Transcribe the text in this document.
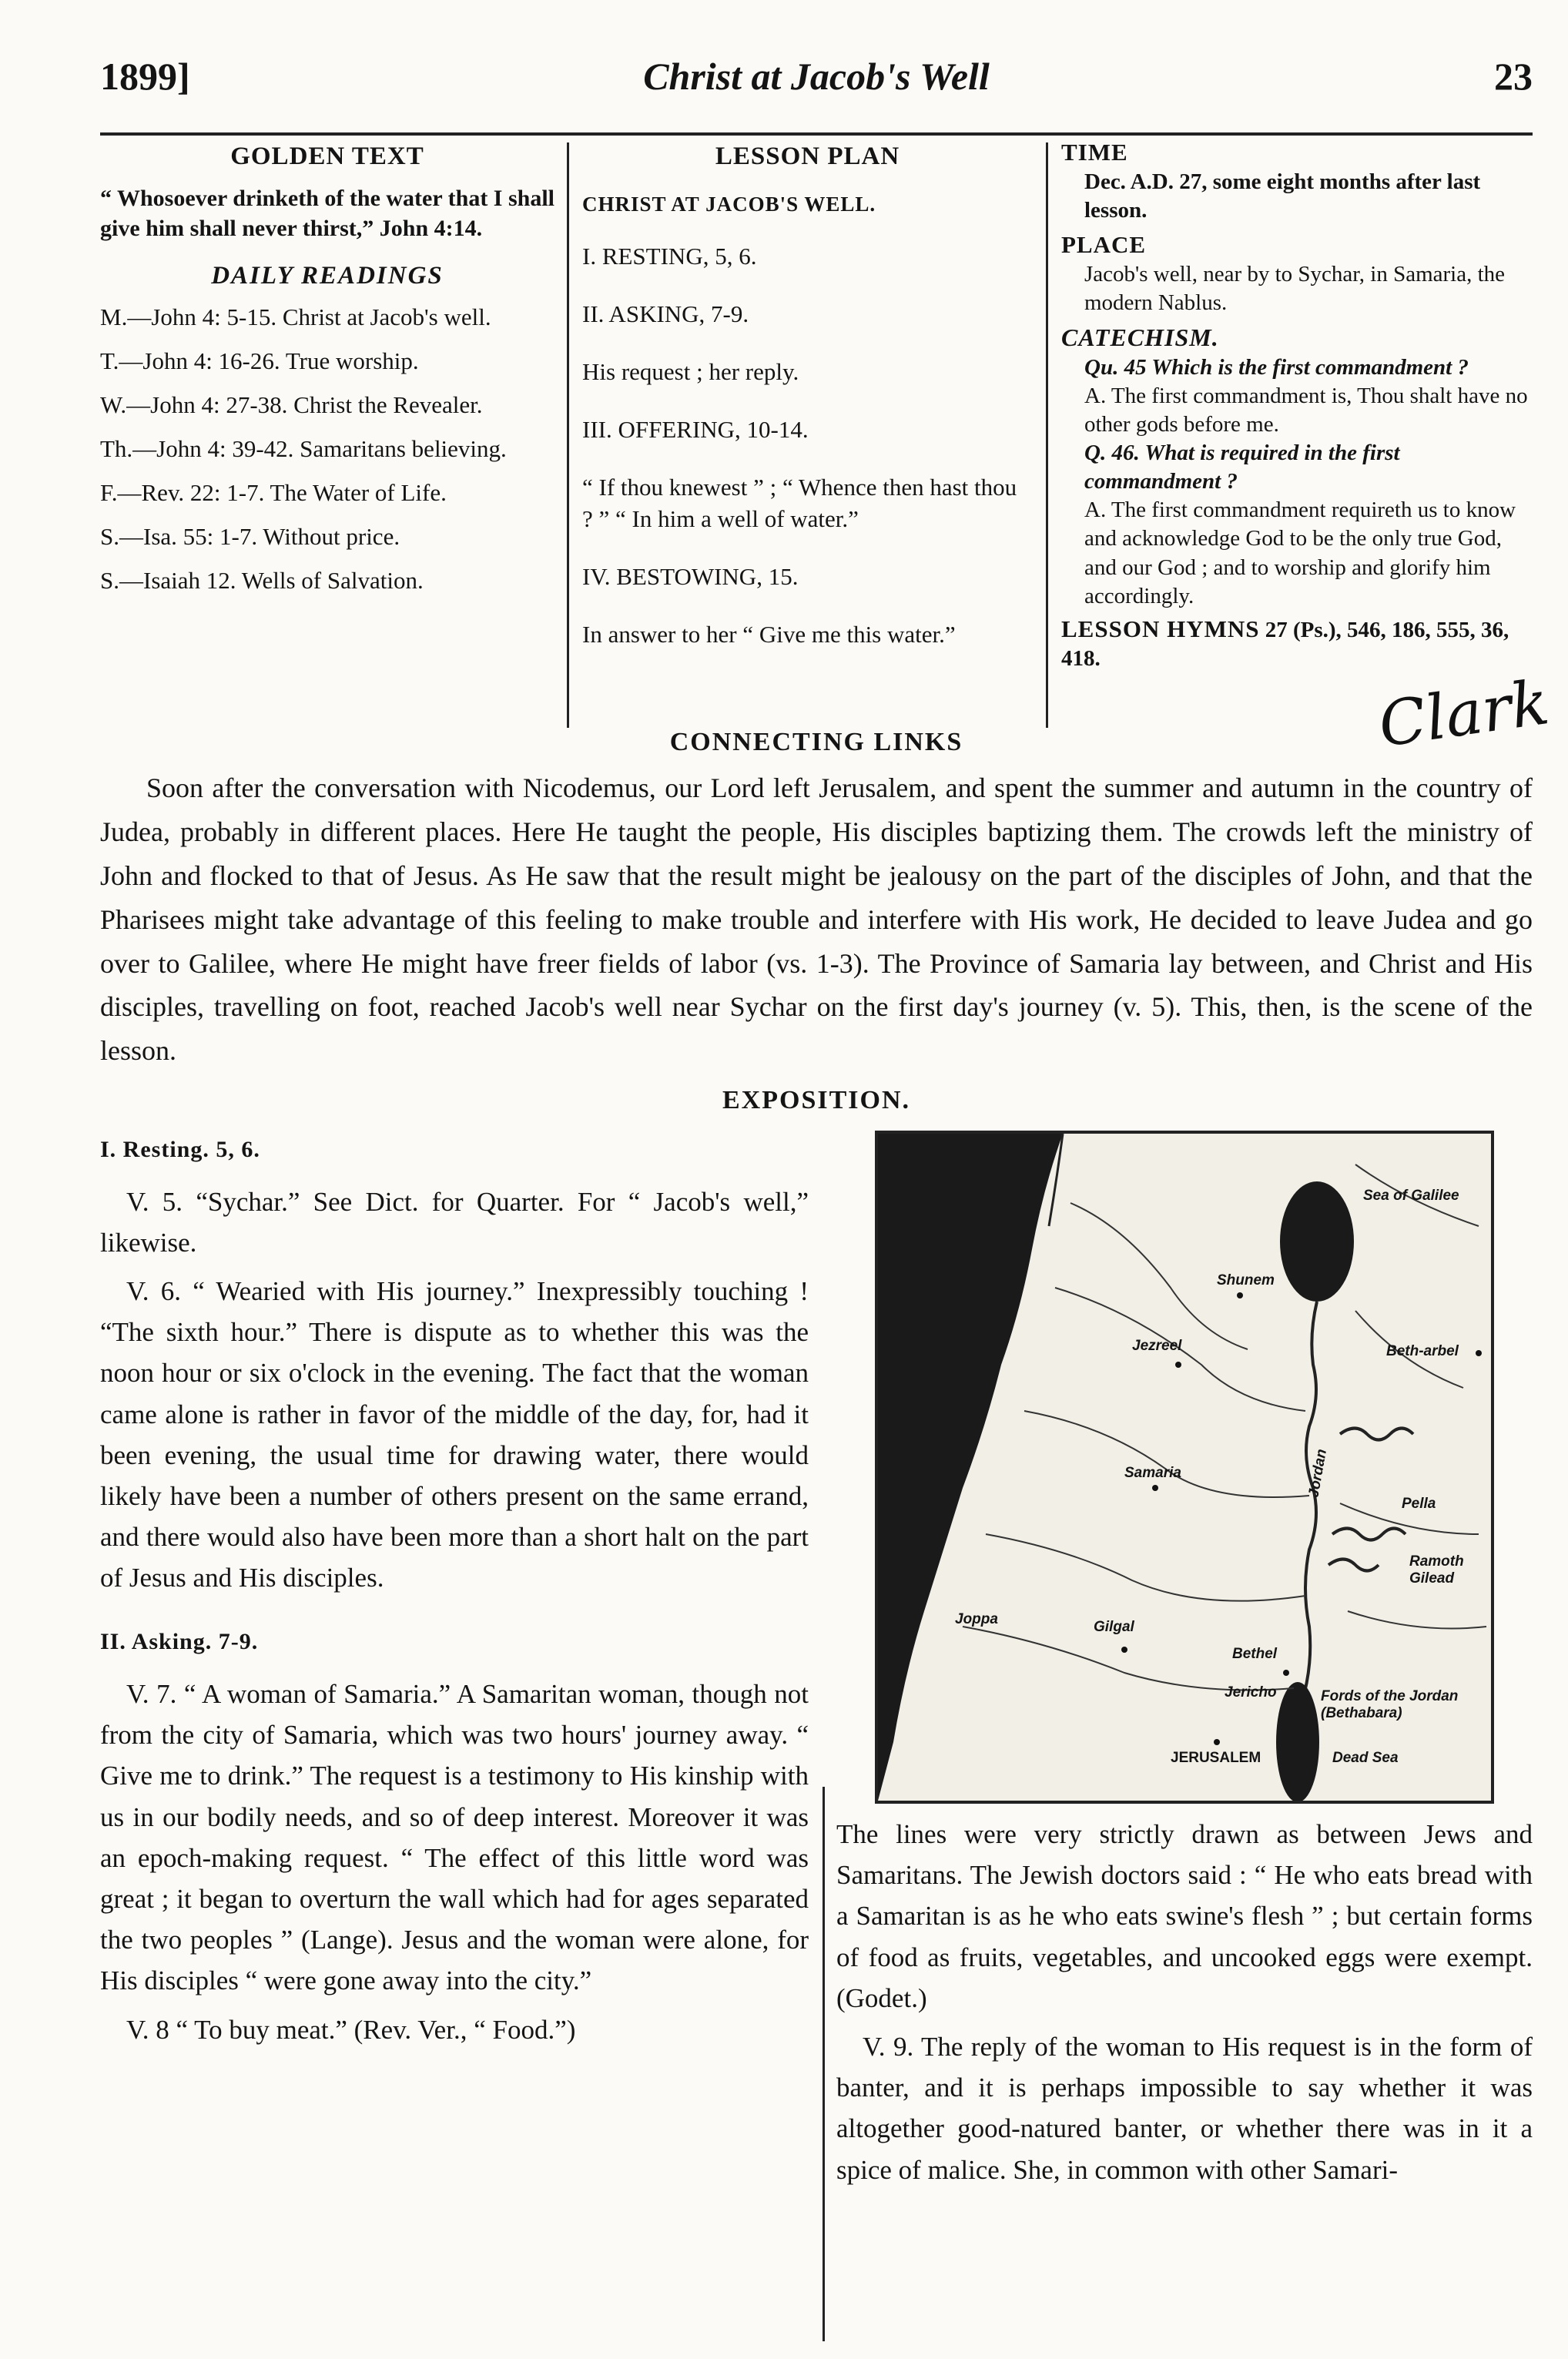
1899]	Christ at Jacob's Well	23
GOLDEN TEXT

“ Whosoever drinketh of the water that I shall give him shall never thirst,” John 4:14.

DAILY READINGS

M.—John 4: 5-15. Christ at Jacob's well.

T.—John 4: 16-26. True worship.

W.—John 4: 27-38. Christ the Revealer.

Th.—John 4: 39-42. Samaritans believing.

F.—Rev. 22: 1-7. The Water of Life.

S.—Isa. 55: 1-7. Without price.

S.—Isaiah 12. Wells of Salvation.

LESSON PLAN

CHRIST AT JACOB'S WELL.

I. RESTING, 5, 6.

II. ASKING, 7-9.

His request ; her reply.

III. OFFERING, 10-14.

“ If thou knewest ” ; “ Whence then hast thou ? ” “ In him a well of water.”

IV. BESTOWING, 15.

In answer to her “ Give me this water.”

TIME

Dec. A.D. 27, some eight months after last lesson.

PLACE

Jacob's well, near by to Sychar, in Samaria, the modern Nablus.

CATECHISM.

Qu. 45 Which is the first commandment ?

A. The first commandment is, Thou shalt have no other gods before me.

Q. 46. What is required in the first commandment ?

A. The first commandment requireth us to know and acknowledge God to be the only true God, and our God ; and to worship and glorify him accordingly.

LESSON HYMNS 27 (Ps.), 546, 186, 555, 36, 418.
Clark
CONNECTING LINKS

Soon after the conversation with Nicodemus, our Lord left Jerusalem, and spent the summer and autumn in the country of Judea, probably in different places. Here He taught the people, His disciples baptizing them. The crowds left the ministry of John and flocked to that of Jesus. As He saw that the result might be jealousy on the part of the disciples of John, and that the Pharisees might take advantage of this feeling to make trouble and interfere with His work, He decided to leave Judea and go over to Galilee, where He might have freer fields of labor (vs. 1-3). The Province of Samaria lay between, and Christ and His disciples, travelling on foot, reached Jacob's well near Sychar on the first day's journey (v. 5). This, then, is the scene of the lesson.

EXPOSITION.

I. Resting. 5, 6.

V. 5. “Sychar.” See Dict. for Quarter. For “ Jacob's well,” likewise.

V. 6. “ Wearied with His journey.” Inexpressibly touching ! “The sixth hour.” There is dispute as to whether this was the noon hour or six o'clock in the evening. The fact that the woman came alone is rather in favor of the middle of the day, for, had it been evening, the usual time for drawing water, there would likely have been a number of others present on the same errand, and there would also have been more than a short halt on the part of Jesus and His disciples.

II. Asking. 7-9.

V. 7. “ A woman of Samaria.” A Samaritan woman, though not from the city of Samaria, which was two hours' journey away. “ Give me to drink.” The request is a testimony to His kinship with us in our bodily needs, and so of deep interest. Moreover it was an epoch-making request. “ The effect of this little word was great ; it began to overturn the wall which had for ages separated the two peoples ” (Lange). Jesus and the woman were alone, for His disciples “ were gone away into the city.”

V. 8 “ To buy meat.” (Rev. Ver., “ Food.”)

Sea of Galilee
Shunem
Jezreel	Beth-arbel
Samaria	Jordan
Pella
Ramoth Gilead
Joppa	Gilgal
Bethel
Jericho	Fords of the Jordan (Bethabara)
JERUSALEM	Dead Sea

The lines were very strictly drawn as between Jews and Samaritans. The Jewish doctors said : “ He who eats bread with a Samaritan is as he who eats swine's flesh ” ; but certain forms of food as fruits, vegetables, and uncooked eggs were exempt. (Godet.)

V. 9. The reply of the woman to His request is in the form of banter, and it is perhaps impossible to say whether it was altogether good-natured banter, or whether there was in it a spice of malice. She, in common with other Samari-
